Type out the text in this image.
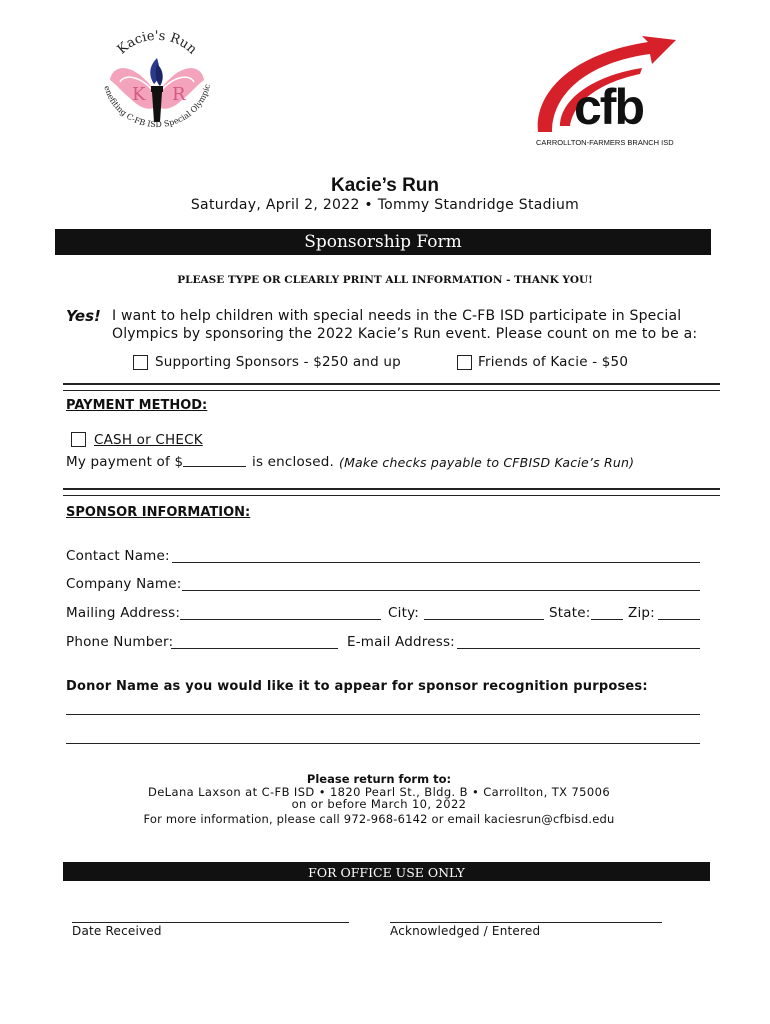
K R
Kacie's Run
Benefiting C-FB ISD Special Olympic	cfb
CARROLLTON-FARMERS BRANCH ISD
Kacie’s Run
Saturday, April 2, 2022 • Tommy Standridge Stadium
Sponsorship Form
PLEASE TYPE OR CLEARLY PRINT ALL INFORMATION - THANK YOU!
Yes! I want to help children with special needs in the C-FB ISD participate in Special
Olympics by sponsoring the 2022 Kacie’s Run event. Please count on me to be a:
Supporting Sponsors - $250 and up	Friends of Kacie - $50
PAYMENT METHOD:
CASH or CHECK
My payment of $	is enclosed. (Make checks payable to CFBISD Kacie’s Run)
SPONSOR INFORMATION:
Contact Name:
Company Name:
Mailing Address:	City:	State:	Zip:
Phone Number:	E-mail Address:
Donor Name as you would like it to appear for sponsor recognition purposes:
Please return form to:
DeLana Laxson at C-FB ISD • 1820 Pearl St., Bldg. B • Carrollton, TX 75006
on or before March 10, 2022
For more information, please call 972-968-6142 or email kaciesrun@cfbisd.edu
FOR OFFICE USE ONLY
Date Received	Acknowledged / Entered
